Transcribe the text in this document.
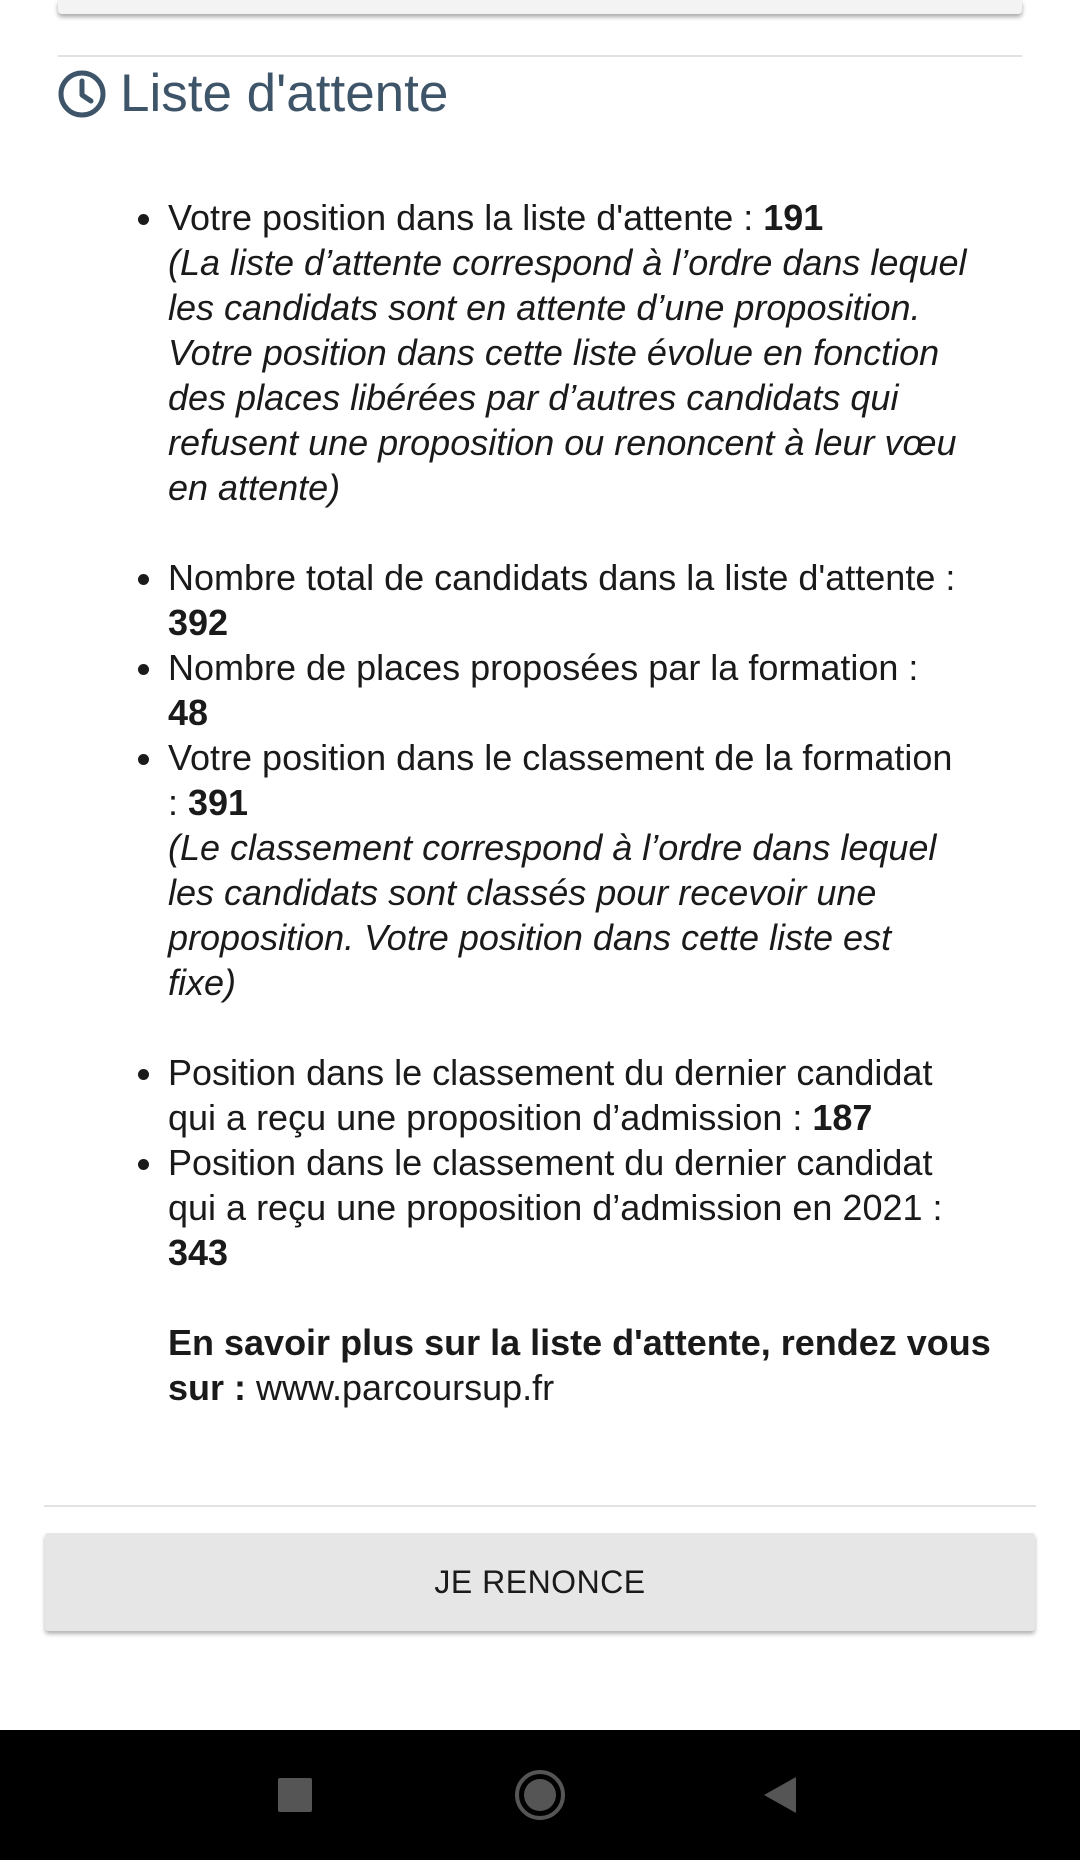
Liste d'attente
Votre position dans la liste d'attente : 191
(La liste d’attente correspond à l’ordre dans lequel
les candidats sont en attente d’une proposition.
Votre position dans cette liste évolue en fonction
des places libérées par d’autres candidats qui
refusent une proposition ou renoncent à leur vœu
en attente)
Nombre total de candidats dans la liste d'attente :
392
Nombre de places proposées par la formation :
48
Votre position dans le classement de la formation
: 391
(Le classement correspond à l’ordre dans lequel
les candidats sont classés pour recevoir une
proposition. Votre position dans cette liste est
fixe)
Position dans le classement du dernier candidat
qui a reçu une proposition d’admission : 187
Position dans le classement du dernier candidat
qui a reçu une proposition d’admission en 2021 :
343
En savoir plus sur la liste d'attente, rendez vous
sur : www.parcoursup.fr
JE RENONCE
